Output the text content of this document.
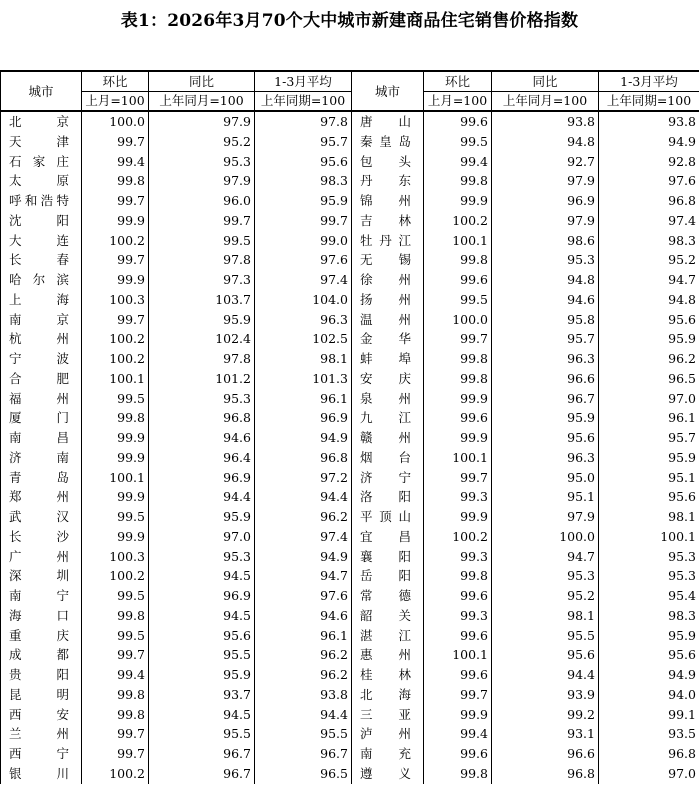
表1：2026年3月70个大中城市新建商品住宅销售价格指数
城市	环比	同比	1-3月平均	城市	环比	同比	1-3月平均
	上月=100	上年同月=100	上年同期=100		上月=100	上年同月=100	上年同期=100
北京	100.0	97.9	97.8	唐山	99.6	93.8	93.8
天津	99.7	95.2	95.7	秦皇岛	99.5	94.8	94.9
石家庄	99.4	95.3	95.6	包头	99.4	92.7	92.8
太原	99.8	97.9	98.3	丹东	99.8	97.9	97.6
呼和浩特	99.7	96.0	95.9	锦州	99.9	96.9	96.8
沈阳	99.9	99.7	99.7	吉林	100.2	97.9	97.4
大连	100.2	99.5	99.0	牡丹江	100.1	98.6	98.3
长春	99.7	97.8	97.6	无锡	99.8	95.3	95.2
哈尔滨	99.9	97.3	97.4	徐州	99.6	94.8	94.7
上海	100.3	103.7	104.0	扬州	99.5	94.6	94.8
南京	99.7	95.9	96.3	温州	100.0	95.8	95.6
杭州	100.2	102.4	102.5	金华	99.7	95.7	95.9
宁波	100.2	97.8	98.1	蚌埠	99.8	96.3	96.2
合肥	100.1	101.2	101.3	安庆	99.8	96.6	96.5
福州	99.5	95.3	96.1	泉州	99.9	96.7	97.0
厦门	99.8	96.8	96.9	九江	99.6	95.9	96.1
南昌	99.9	94.6	94.9	赣州	99.9	95.6	95.7
济南	99.9	96.4	96.8	烟台	100.1	96.3	95.9
青岛	100.1	96.9	97.2	济宁	99.7	95.0	95.1
郑州	99.9	94.4	94.4	洛阳	99.3	95.1	95.6
武汉	99.5	95.9	96.2	平顶山	99.9	97.9	98.1
长沙	99.9	97.0	97.4	宜昌	100.2	100.0	100.1
广州	100.3	95.3	94.9	襄阳	99.3	94.7	95.3
深圳	100.2	94.5	94.7	岳阳	99.8	95.3	95.3
南宁	99.5	96.9	97.6	常德	99.6	95.2	95.4
海口	99.8	94.5	94.6	韶关	99.3	98.1	98.3
重庆	99.5	95.6	96.1	湛江	99.6	95.5	95.9
成都	99.7	95.5	96.2	惠州	100.1	95.6	95.6
贵阳	99.4	95.9	96.2	桂林	99.6	94.4	94.9
昆明	99.8	93.7	93.8	北海	99.7	93.9	94.0
西安	99.8	94.5	94.4	三亚	99.9	99.2	99.1
兰州	99.7	95.5	95.5	泸州	99.4	93.1	93.5
西宁	99.7	96.7	96.7	南充	99.6	96.6	96.8
银川	100.2	96.7	96.5	遵义	99.8	96.8	97.0
